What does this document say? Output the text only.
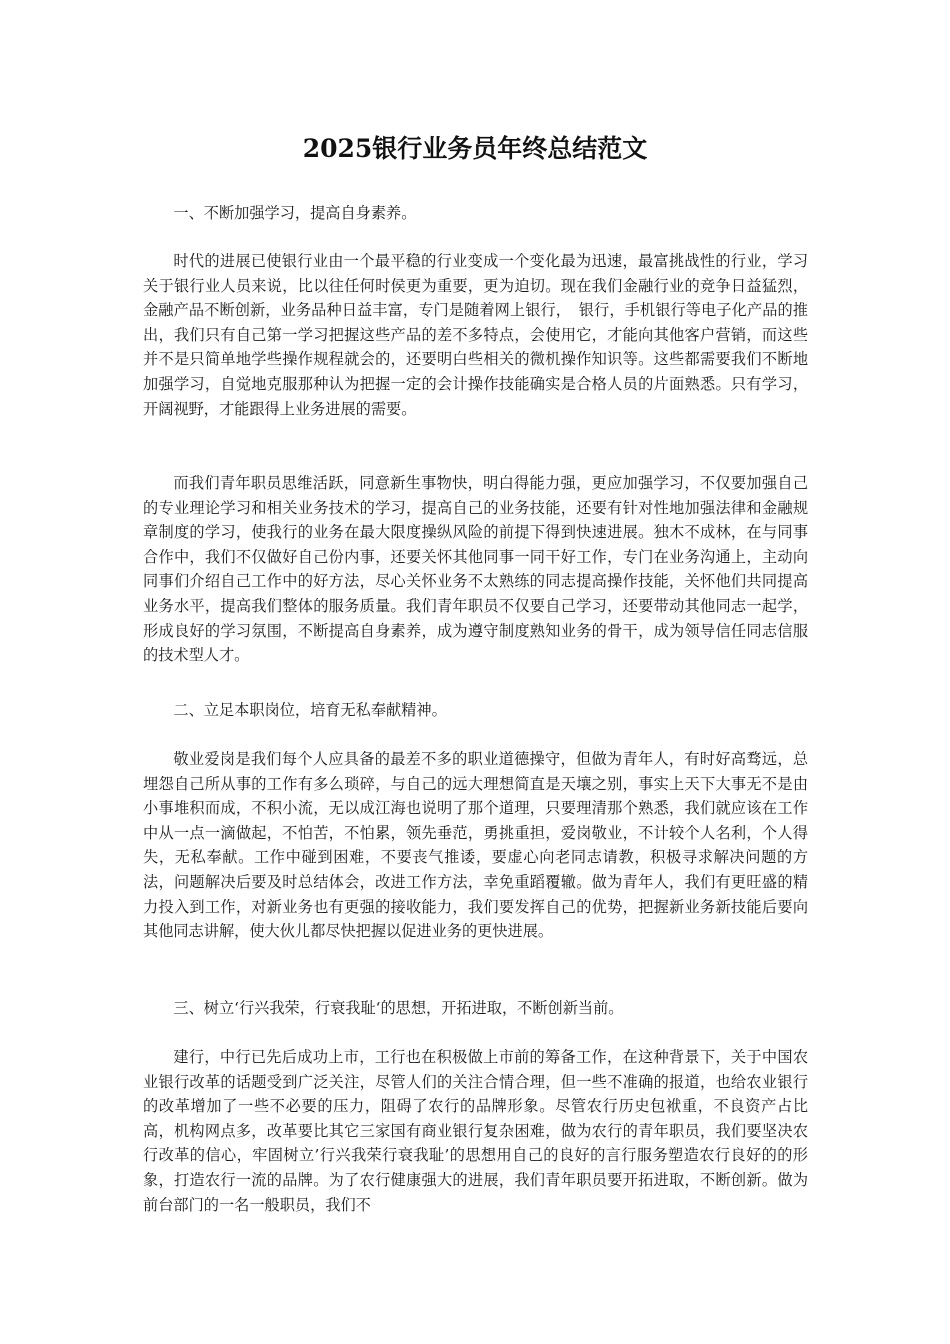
2025银行业务员年终总结范文

一、不断加强学习，提高自身素养。

时代的进展已使银行业由一个最平稳的行业变成一个变化最为迅速，最富挑战性的行业，学习关于银行业人员来说，比以往任何时侯更为重要，更为迫切。现在我们金融行业的竞争日益猛烈，金融产品不断创新，业务品种日益丰富，专门是随着网上银行，　银行，手机银行等电子化产品的推出，我们只有自己第一学习把握这些产品的差不多特点，会使用它，才能向其他客户营销，而这些并不是只简单地学些操作规程就会的，还要明白些相关的微机操作知识等。这些都需要我们不断地加强学习，自觉地克服那种认为把握一定的会计操作技能确实是合格人员的片面熟悉。只有学习，开阔视野，才能跟得上业务进展的需要。

而我们青年职员思维活跃，同意新生事物快，明白得能力强，更应加强学习，不仅要加强自己的专业理论学习和相关业务技术的学习，提高自己的业务技能，还要有针对性地加强法律和金融规章制度的学习，使我行的业务在最大限度操纵风险的前提下得到快速进展。独木不成林，在与同事合作中，我们不仅做好自己份内事，还要关怀其他同事一同干好工作，专门在业务沟通上，主动向同事们介绍自己工作中的好方法，尽心关怀业务不太熟练的同志提高操作技能，关怀他们共同提高业务水平，提高我们整体的服务质量。我们青年职员不仅要自己学习，还要带动其他同志一起学，形成良好的学习氛围，不断提高自身素养，成为遵守制度熟知业务的骨干，成为领导信任同志信服的技术型人才。

二、立足本职岗位，培育无私奉献精神。

敬业爱岗是我们每个人应具备的最差不多的职业道德操守，但做为青年人，有时好高骛远，总埋怨自己所从事的工作有多么琐碎，与自己的远大理想简直是天壤之别，事实上天下大事无不是由小事堆积而成，不积小流，无以成江海也说明了那个道理，只要理清那个熟悉，我们就应该在工作中从一点一滴做起，不怕苦，不怕累，领先垂范，勇挑重担，爱岗敬业，不计较个人名利，个人得失，无私奉献。工作中碰到困难，不要丧气推诿，要虚心向老同志请教，积极寻求解决问题的方法，问题解决后要及时总结体会，改进工作方法，幸免重蹈覆辙。做为青年人，我们有更旺盛的精力投入到工作，对新业务也有更强的接收能力，我们要发挥自己的优势，把握新业务新技能后要向其他同志讲解，使大伙儿都尽快把握以促进业务的更快进展。

三、树立‘行兴我荣，行衰我耻‘的思想，开拓进取，不断创新当前。

建行，中行已先后成功上市，工行也在积极做上市前的筹备工作，在这种背景下，关于中国农业银行改革的话题受到广泛关注，尽管人们的关注合情合理，但一些不准确的报道，也给农业银行的改革增加了一些不必要的压力，阻碍了农行的品牌形象。尽管农行历史包袱重，不良资产占比高，机构网点多，改革要比其它三家国有商业银行复杂困难，做为农行的青年职员，我们要坚决农行改革的信心，牢固树立’行兴我荣行衰我耻’的思想用自己的良好的言行服务塑造农行良好的的形象，打造农行一流的品牌。为了农行健康强大的进展，我们青年职员要开拓进取，不断创新。做为前台部门的一名一般职员，我们不
